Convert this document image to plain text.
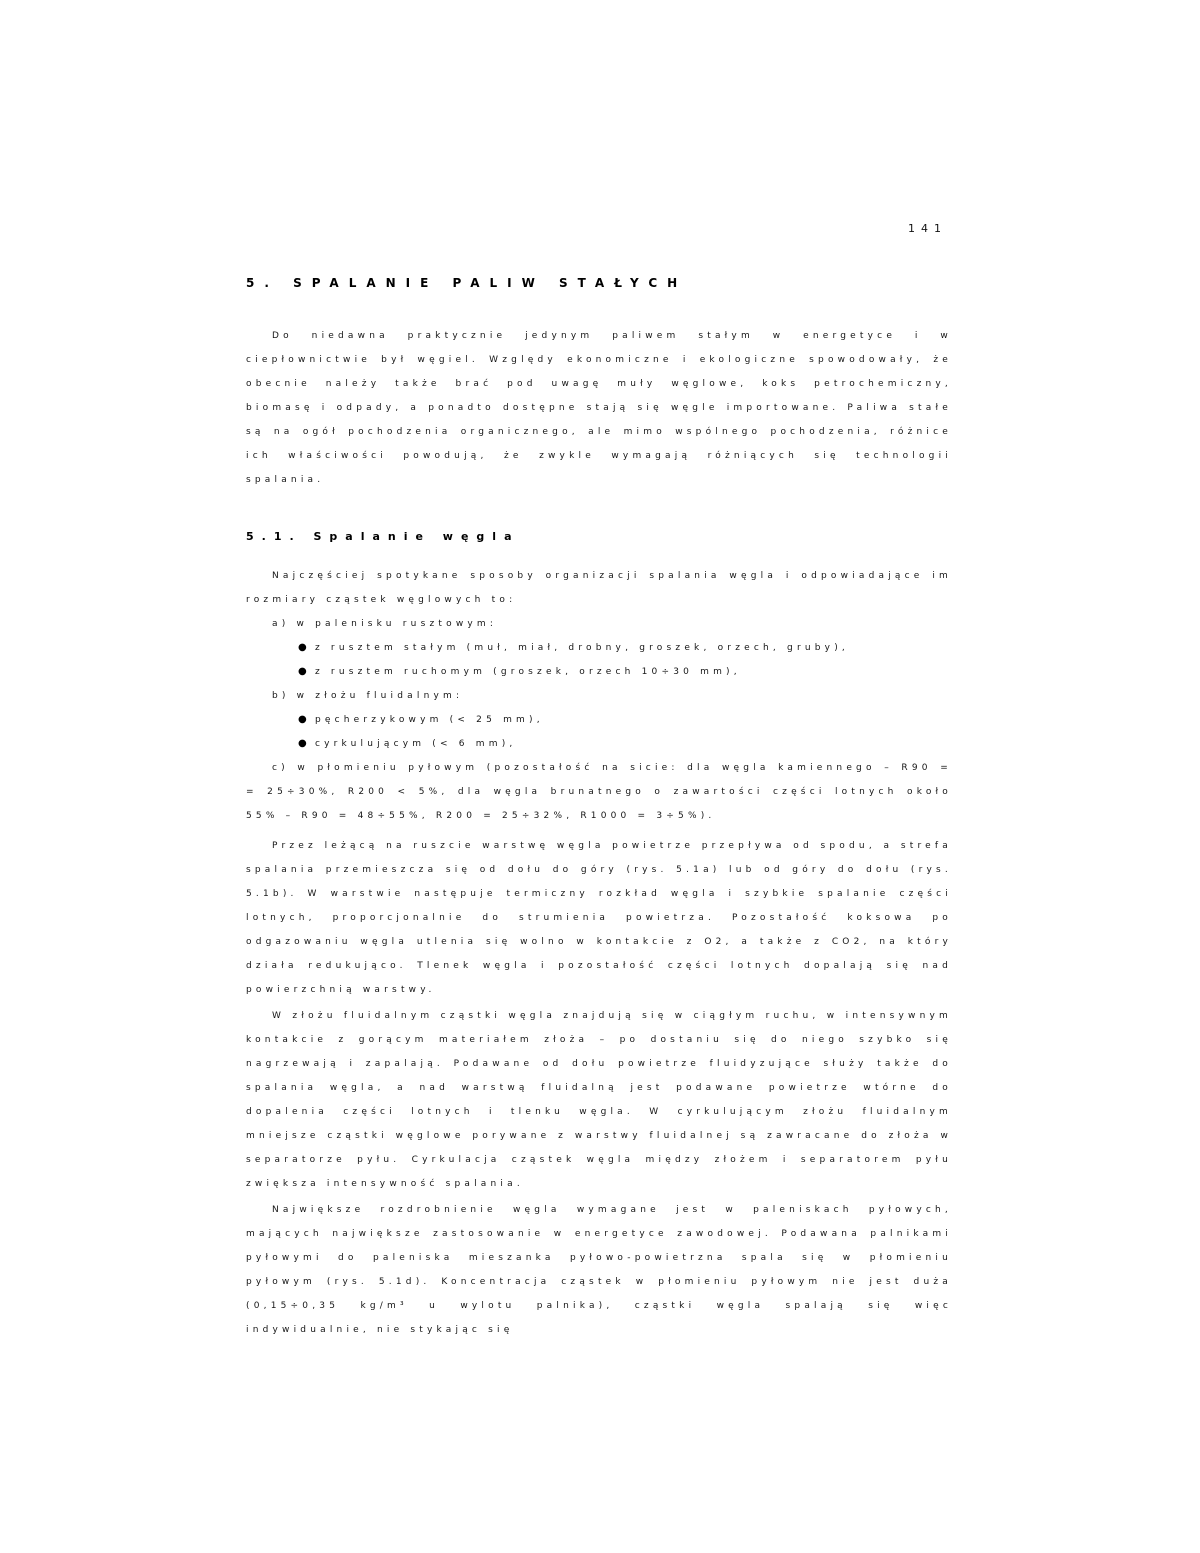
141
5. SPALANIE PALIW STAŁYCH

Do niedawna praktycznie jedynym paliwem stałym w energetyce i w ciepłownictwie był węgiel. Względy ekonomiczne i ekologiczne spowodowały, że obecnie należy także brać pod uwagę muły węglowe, koks petrochemiczny, biomasę i odpady, a ponadto dostępne stają się węgle importowane. Paliwa stałe są na ogół pochodzenia organicznego, ale mimo wspólnego pochodzenia, różnice ich właściwości powodują, że zwykle wymagają różniących się technologii spalania.

5.1. Spalanie węgla

Najczęściej spotykane sposoby organizacji spalania węgla i odpowiadające im rozmiary cząstek węglowych to:

a) w palenisku rusztowym:
● z rusztem stałym (muł, miał, drobny, groszek, orzech, gruby),
● z rusztem ruchomym (groszek, orzech 10÷30 mm),
b) w złożu fluidalnym:
● pęcherzykowym (< 25 mm),
● cyrkulującym (< 6 mm),

c) w płomieniu pyłowym (pozostałość na sicie: dla węgla kamiennego – R90 = = 25÷30%, R200 < 5%, dla węgla brunatnego o zawartości części lotnych około 55% – R90 = 48÷55%, R200 = 25÷32%, R1000 = 3÷5%).

Przez leżącą na ruszcie warstwę węgla powietrze przepływa od spodu, a strefa spalania przemieszcza się od dołu do góry (rys. 5.1a) lub od góry do dołu (rys. 5.1b). W warstwie następuje termiczny rozkład węgla i szybkie spalanie części lotnych, proporcjonalnie do strumienia powietrza. Pozostałość koksowa po odgazowaniu węgla utlenia się wolno w kontakcie z O2, a także z CO2, na który działa redukująco. Tlenek węgla i pozostałość części lotnych dopalają się nad powierzchnią warstwy.

W złożu fluidalnym cząstki węgla znajdują się w ciągłym ruchu, w intensywnym kontakcie z gorącym materiałem złoża – po dostaniu się do niego szybko się nagrzewają i zapalają. Podawane od dołu powietrze fluidyzujące służy także do spalania węgla, a nad warstwą fluidalną jest podawane powietrze wtórne do dopalenia części lotnych i tlenku węgla. W cyrkulującym złożu fluidalnym mniejsze cząstki węglowe porywane z warstwy fluidalnej są zawracane do złoża w separatorze pyłu. Cyrkulacja cząstek węgla między złożem i separatorem pyłu zwiększa intensywność spalania.

Największe rozdrobnienie węgla wymagane jest w paleniskach pyłowych, mających największe zastosowanie w energetyce zawodowej. Podawana palnikami pyłowymi do paleniska mieszanka pyłowo-powietrzna spala się w płomieniu pyłowym (rys. 5.1d). Koncentracja cząstek w płomieniu pyłowym nie jest duża (0,15÷0,35 kg/m³ u wylotu palnika), cząstki węgla spalają się więc indywidualnie, nie stykając się
